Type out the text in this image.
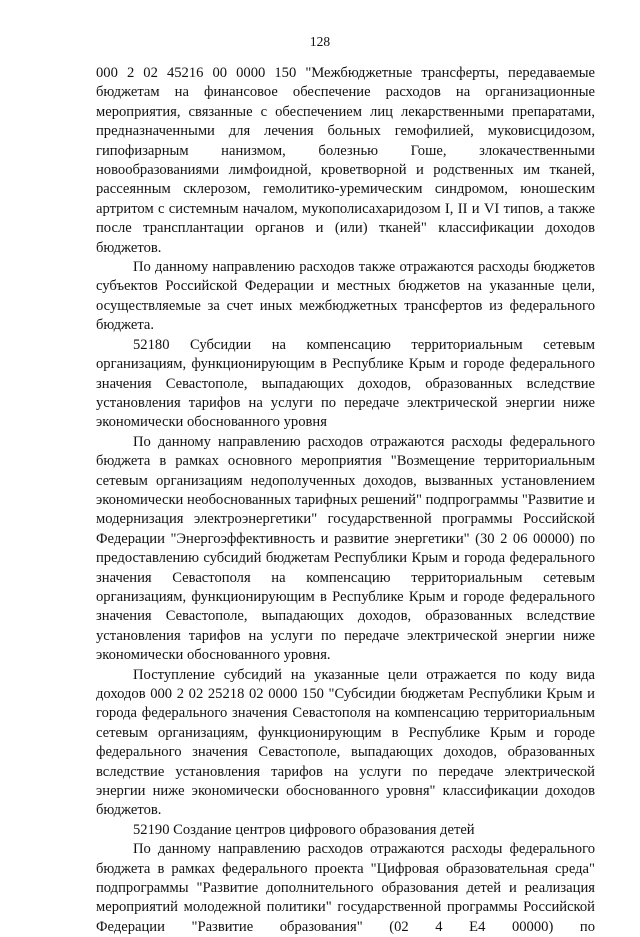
128

000 2 02 45216 00 0000 150 "Межбюджетные трансферты, передаваемые бюджетам на финансовое обеспечение расходов на организационные мероприятия, связанные с обеспечением лиц лекарственными препаратами, предназначенными для лечения больных гемофилией, муковисцидозом, гипофизарным нанизмом, болезнью Гоше, злокачественными новообразованиями лимфоидной, кроветворной и родственных им тканей, рассеянным склерозом, гемолитико-уремическим синдромом, юношеским артритом с системным началом, мукополисахаридозом I, II и VI типов, а также после трансплантации органов и (или) тканей" классификации доходов бюджетов.

По данному направлению расходов также отражаются расходы бюджетов субъектов Российской Федерации и местных бюджетов на указанные цели, осуществляемые за счет иных межбюджетных трансфертов из федерального бюджета.

52180 Субсидии на компенсацию территориальным сетевым организациям, функционирующим в Республике Крым и городе федерального значения Севастополе, выпадающих доходов, образованных вследствие установления тарифов на услуги по передаче электрической энергии ниже экономически обоснованного уровня

По данному направлению расходов отражаются расходы федерального бюджета в рамках основного мероприятия "Возмещение территориальным сетевым организациям недополученных доходов, вызванных установлением экономически необоснованных тарифных решений" подпрограммы "Развитие и модернизация электроэнергетики" государственной программы Российской Федерации "Энергоэффективность и развитие энергетики" (30 2 06 00000) по предоставлению субсидий бюджетам Республики Крым и города федерального значения Севастополя на компенсацию территориальным сетевым организациям, функционирующим в Республике Крым и городе федерального значения Севастополе, выпадающих доходов, образованных вследствие установления тарифов на услуги по передаче электрической энергии ниже экономически обоснованного уровня.

Поступление субсидий на указанные цели отражается по коду вида доходов 000 2 02 25218 02 0000 150 "Субсидии бюджетам Республики Крым и города федерального значения Севастополя на компенсацию территориальным сетевым организациям, функционирующим в Республике Крым и городе федерального значения Севастополе, выпадающих доходов, образованных вследствие установления тарифов на услуги по передаче электрической энергии ниже экономически обоснованного уровня" классификации доходов бюджетов.

52190 Создание центров цифрового образования детей

По данному направлению расходов отражаются расходы федерального бюджета в рамках федерального проекта "Цифровая образовательная среда" подпрограммы "Развитие дополнительного образования детей и реализация мероприятий молодежной политики" государственной программы Российской Федерации "Развитие образования" (02 4 Е4 00000) по
